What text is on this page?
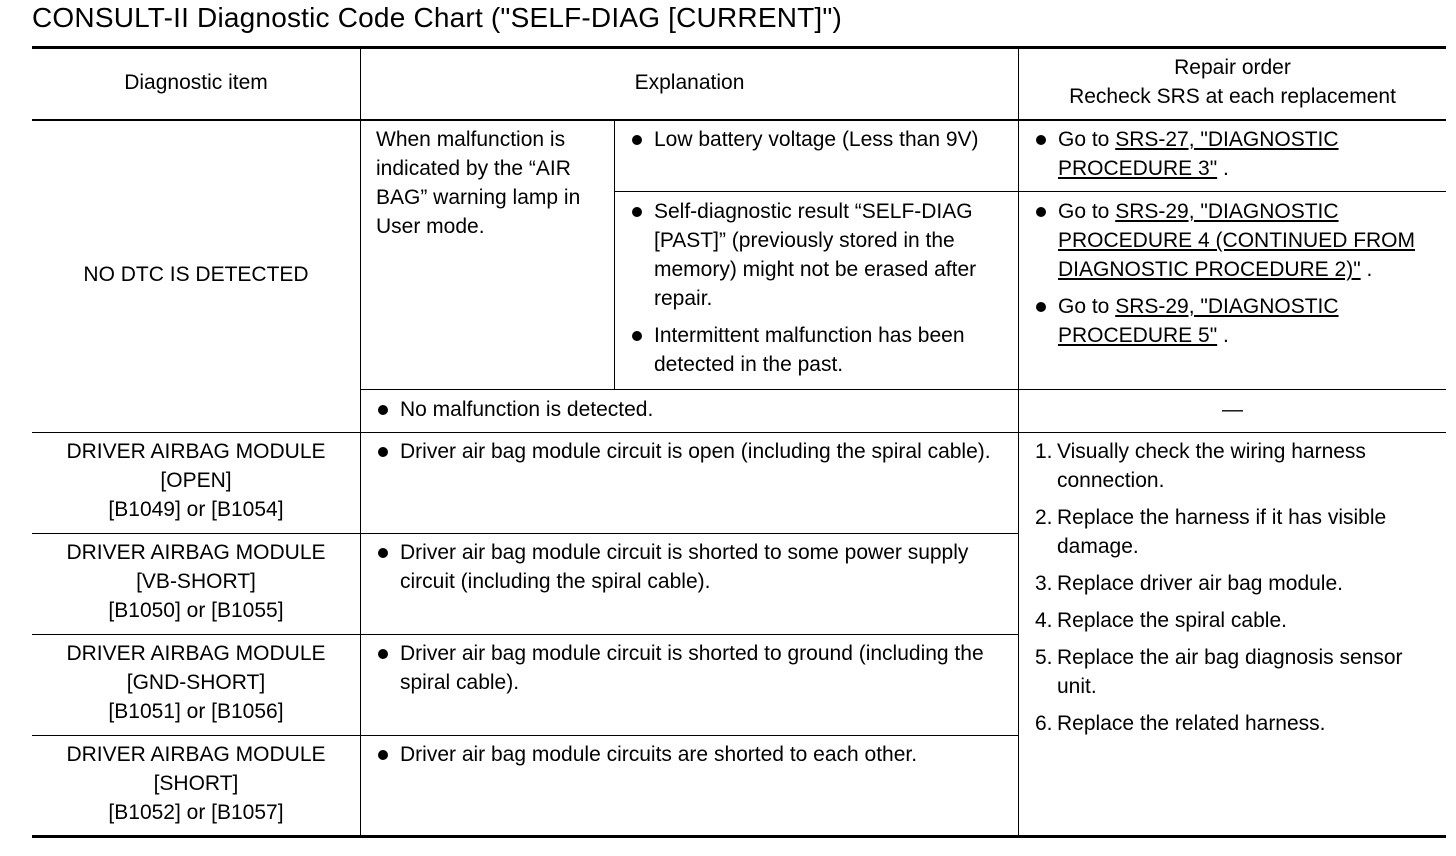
CONSULT-II Diagnostic Code Chart ("SELF-DIAG [CURRENT]")
Diagnostic item	Explanation
Repair order
Recheck SRS at each replacement
NO DTC IS DETECTED
When malfunction is indicated by the “AIR BAG” warning lamp in User mode.
Low battery voltage (Less than 9V)
Self-diagnostic result “SELF-DIAG [PAST]” (previously stored in the memory) might not be erased after repair.
Intermittent malfunction has been detected in the past.
Go to SRS-27, "DIAGNOSTIC PROCEDURE 3" .
Go to SRS-29, "DIAGNOSTIC PROCEDURE 4 (CONTINUED FROM DIAGNOSTIC PROCEDURE 2)" .
Go to SRS-29, "DIAGNOSTIC PROCEDURE 5" .
No malfunction is detected.	—
DRIVER AIRBAG MODULE
[OPEN]
[B1049] or [B1054]
Driver air bag module circuit is open (including the spiral cable).
DRIVER AIRBAG MODULE
[VB-SHORT]
[B1050] or [B1055]
Driver air bag module circuit is shorted to some power supply circuit (including the spiral cable).
DRIVER AIRBAG MODULE
[GND-SHORT]
[B1051] or [B1056]
Driver air bag module circuit is shorted to ground (including the spiral cable).
DRIVER AIRBAG MODULE
[SHORT]
[B1052] or [B1057]
Driver air bag module circuits are shorted to each other.
1. Visually check the wiring harness connection.
2. Replace the harness if it has visible damage.
3. Replace driver air bag module.
4. Replace the spiral cable.
5. Replace the air bag diagnosis sensor unit.
6. Replace the related harness.
